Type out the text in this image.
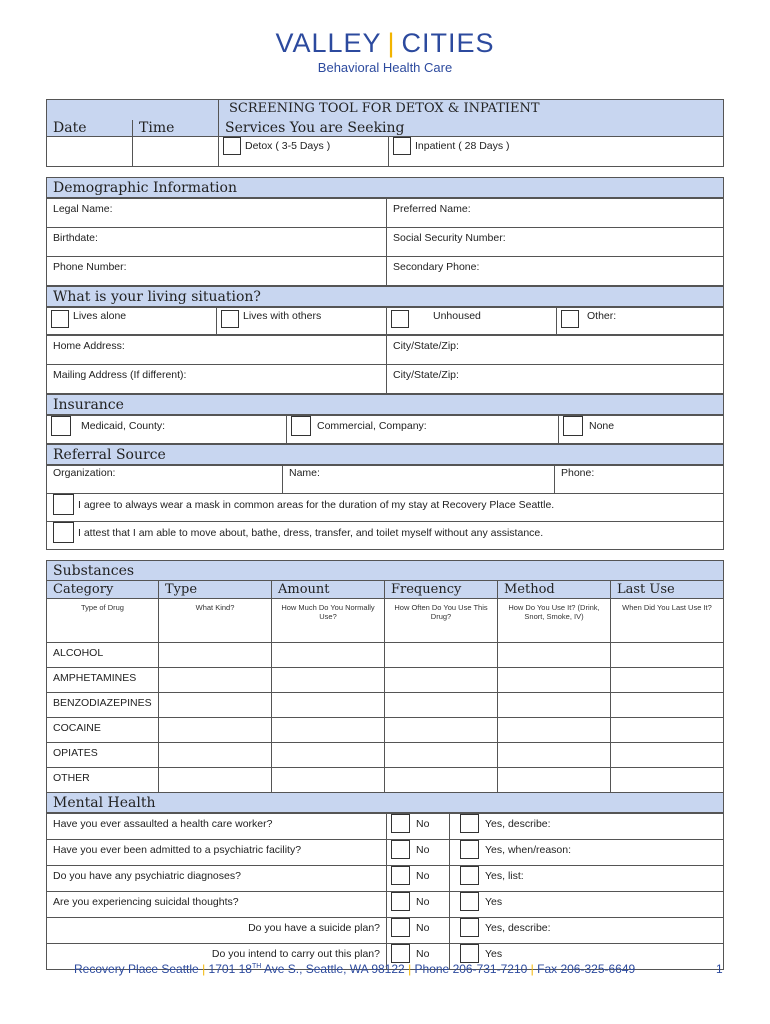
VALLEY | CITIES
Behavioral Health Care
		SCREENING TOOL FOR DETOX & INPATIENT	
Date	Time	Services You are Seeking	

		Detox ( 3-5 Days )	Inpatient ( 28 Days )
Demographic Information
Legal Name:	Preferred Name:
Birthdate:	Social Security Number:
Phone Number:	Secondary Phone:
What is your living situation?
Lives alone	Lives with others	Unhoused	Other:
Home Address:	City/State/Zip:
Mailing Address (If different):	City/State/Zip:
Insurance
Medicaid, County:	Commercial, Company:	None
Referral Source
Organization:	Name:	Phone:

I agree to always wear a mask in common areas for the duration of my stay at Recovery Place Seattle.

I attest that I am able to move about, bathe, dress, transfer, and toilet myself without any assistance.
Substances
Category	Type	Amount	Frequency	Method	Last Use
Type of Drug	What Kind?	How Much Do You Normally Use?	How Often Do You Use This Drug?	How Do You Use It? (Drink, Snort, Smoke, IV)	When Did You Last Use It?
ALCOHOL					
AMPHETAMINES					
BENZODIAZEPINES					
COCAINE					
OPIATES					
OTHER					
Mental Health
Have you ever assaulted a health care worker?	No	Yes, describe:

Have you ever been admitted to a psychiatric facility?	No	Yes, when/reason:

Do you have any psychiatric diagnoses?	No	Yes, list:

Are you experiencing suicidal thoughts?	No	Yes

Do you have a suicide plan?	No	Yes, describe:

Do you intend to carry out this plan?	No	Yes
Recovery Place Seattle | 1701 18TH Ave S., Seattle, WA 98122 | Phone 206-731-7210 | Fax 206-325-6649	1
